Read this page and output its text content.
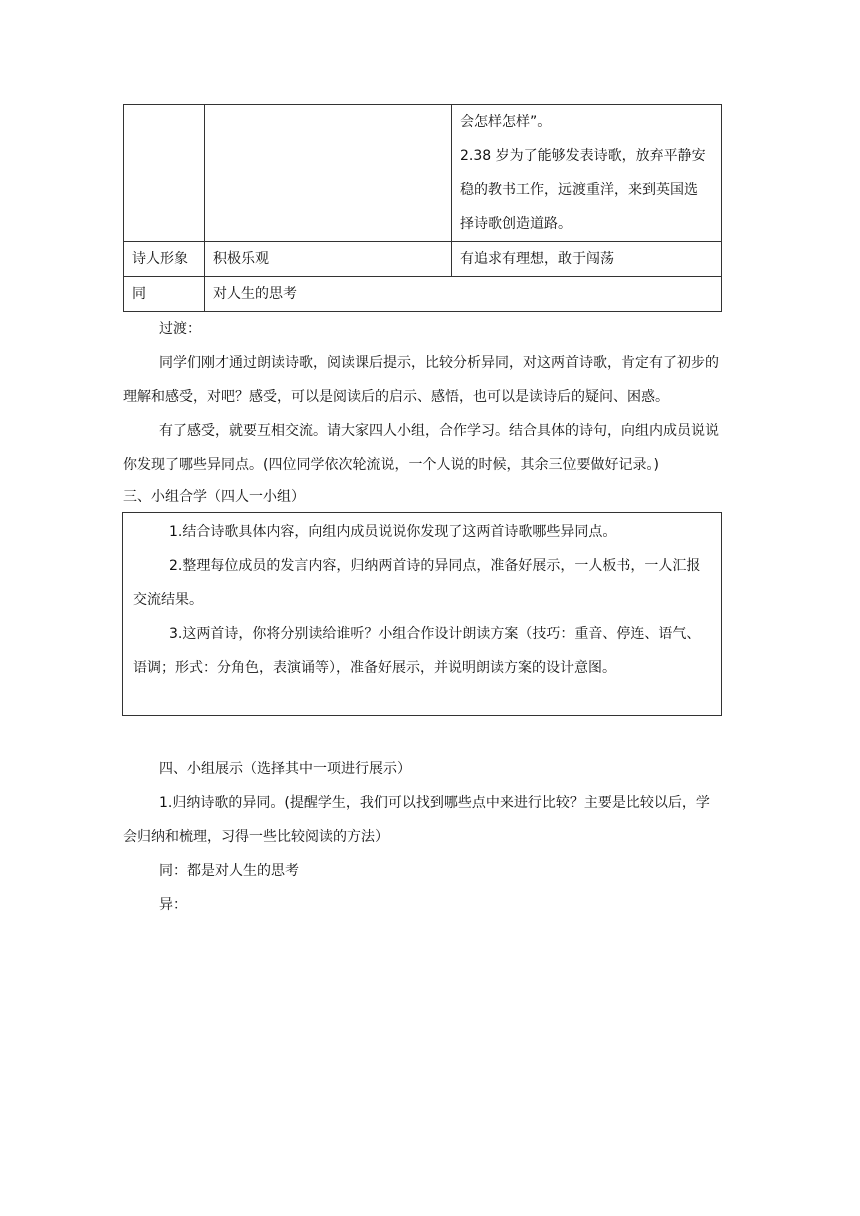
		会怎样怎样”。
2.38 岁为了能够发表诗歌，放弃平静安
稳的教书工作，远渡重洋，来到英国选
择诗歌创造道路。

诗人形象	积极乐观	有追求有理想，敢于闯荡
同	对人生的思考	

过渡：

同学们刚才通过朗读诗歌，阅读课后提示，比较分析异同，对这两首诗歌，肯定有了初步的理解和感受，对吧？感受，可以是阅读后的启示、感悟，也可以是读诗后的疑问、困惑。

有了感受，就要互相交流。请大家四人小组，合作学习。结合具体的诗句，向组内成员说说你发现了哪些异同点。(四位同学依次轮流说，一个人说的时候，其余三位要做好记录。)

三、小组合学（四人一小组）

1.结合诗歌具体内容，向组内成员说说你发现了这两首诗歌哪些异同点。

2.整理每位成员的发言内容，归纳两首诗的异同点，准备好展示，一人板书，一人汇报交流结果。

3.这两首诗，你将分别读给谁听？小组合作设计朗读方案（技巧：重音、停连、语气、语调；形式：分角色，表演诵等），准备好展示，并说明朗读方案的设计意图。

四、小组展示（选择其中一项进行展示）

1.归纳诗歌的异同。(提醒学生，我们可以找到哪些点中来进行比较？主要是比较以后，学会归纳和梳理，习得一些比较阅读的方法）

同：都是对人生的思考

异：
